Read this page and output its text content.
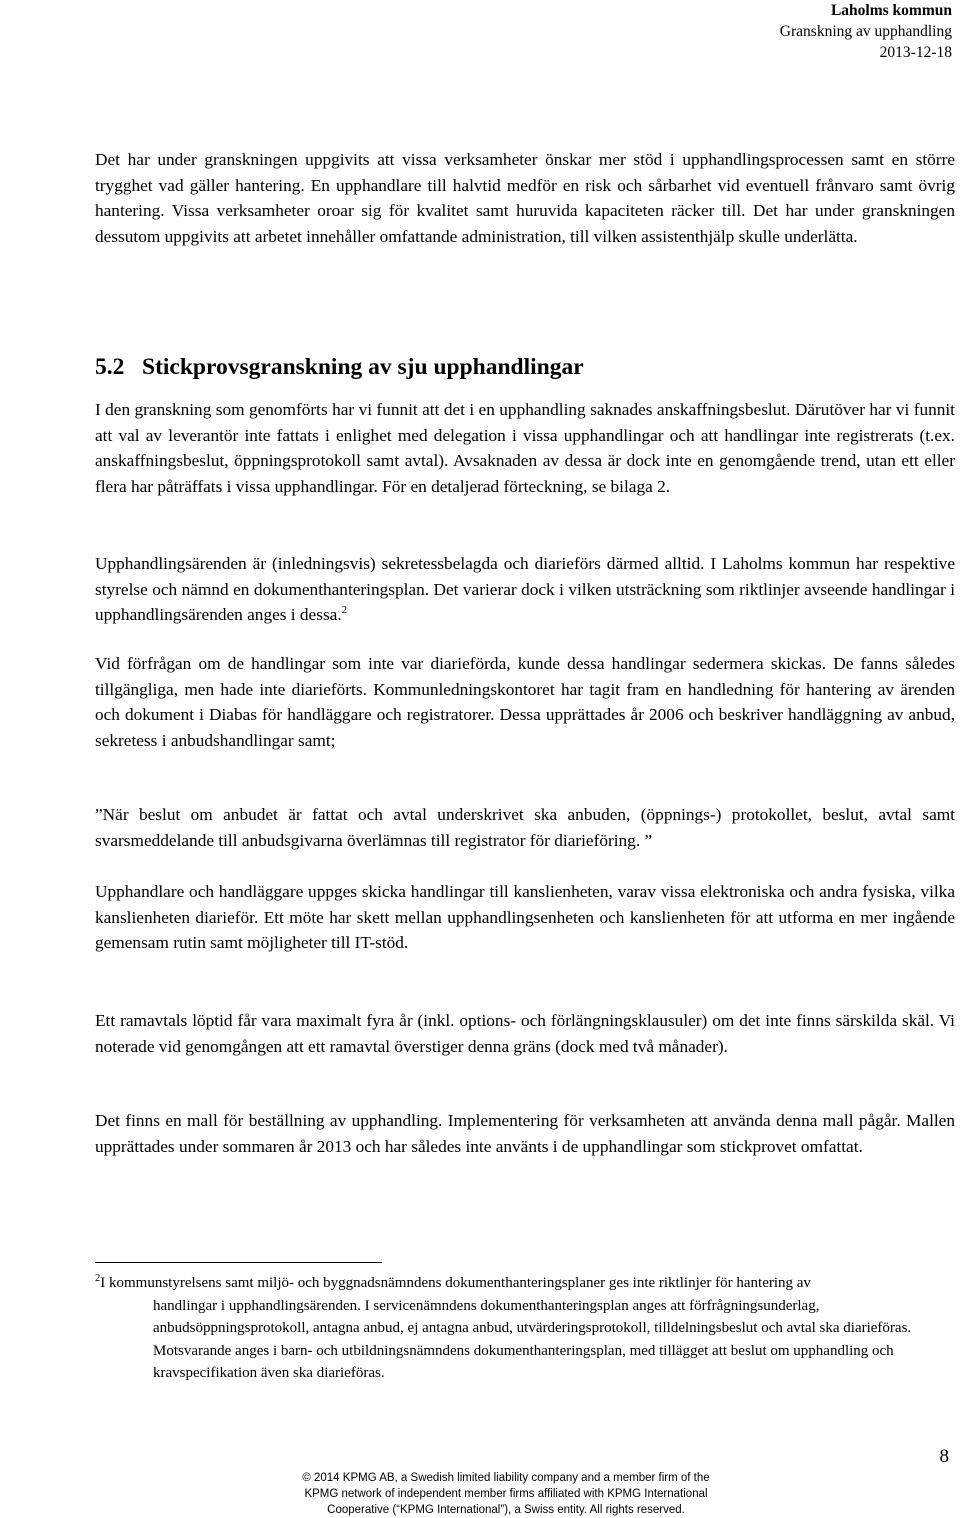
Laholms kommun
Granskning av upphandling
2013-12-18

Det har under granskningen uppgivits att vissa verksamheter önskar mer stöd i upphandlingsprocessen samt en större trygghet vad gäller hantering. En upphandlare till halvtid medför en risk och sårbarhet vid eventuell frånvaro samt övrig hantering. Vissa verksamheter oroar sig för kvalitet samt huruvida kapaciteten räcker till. Det har under granskningen dessutom uppgivits att arbetet innehåller omfattande administration, till vilken assistenthjälp skulle underlätta.

5.2 Stickprovsgranskning av sju upphandlingar

I den granskning som genomförts har vi funnit att det i en upphandling saknades anskaffningsbeslut. Därutöver har vi funnit att val av leverantör inte fattats i enlighet med delegation i vissa upphandlingar och att handlingar inte registrerats (t.ex. anskaffningsbeslut, öppningsprotokoll samt avtal). Avsaknaden av dessa är dock inte en genomgående trend, utan ett eller flera har påträffats i vissa upphandlingar. För en detaljerad förteckning, se bilaga 2.

Upphandlingsärenden är (inledningsvis) sekretessbelagda och diarieförs därmed alltid. I Laholms kommun har respektive styrelse och nämnd en dokumenthanteringsplan. Det varierar dock i vilken utsträckning som riktlinjer avseende handlingar i upphandlingsärenden anges i dessa.$^2$

Vid förfrågan om de handlingar som inte var diarieförda, kunde dessa handlingar sedermera skickas. De fanns således tillgängliga, men hade inte diarieförts. Kommunledningskontoret har tagit fram en handledning för hantering av ärenden och dokument i Diabas för handläggare och registratorer. Dessa upprättades år 2006 och beskriver handläggning av anbud, sekretess i anbudshandlingar samt;

”När beslut om anbudet är fattat och avtal underskrivet ska anbuden, (öppnings-) protokollet, beslut, avtal samt svarsmeddelande till anbudsgivarna överlämnas till registrator för diarieföring. ”

Upphandlare och handläggare uppges skicka handlingar till kanslienheten, varav vissa elektroniska och andra fysiska, vilka kanslienheten diarieför. Ett möte har skett mellan upphandlingsenheten och kanslienheten för att utforma en mer ingående gemensam rutin samt möjligheter till IT-stöd.

Ett ramavtals löptid får vara maximalt fyra år (inkl. options- och förlängningsklausuler) om det inte finns särskilda skäl. Vi noterade vid genomgången att ett ramavtal överstiger denna gräns (dock med två månader).

Det finns en mall för beställning av upphandling. Implementering för verksamheten att använda denna mall pågår. Mallen upprättades under sommaren år 2013 och har således inte använts i de upphandlingar som stickprovet omfattat.

$^2$I kommunstyrelsens samt miljö- och byggnadsnämndens dokumenthanteringsplaner ges inte riktlinjer för hantering av

handlingar i upphandlingsärenden. I servicenämndens dokumenthanteringsplan anges att förfrågningsunderlag, anbudsöppningsprotokoll, antagna anbud, ej antagna anbud, utvärderingsprotokoll, tilldelningsbeslut och avtal ska diarieföras. Motsvarande anges i barn- och utbildningsnämndens dokumenthanteringsplan, med tillägget att beslut om upphandling och kravspecifikation även ska diarieföras.

8
© 2014 KPMG AB, a Swedish limited liability company and a member firm of the
KPMG network of independent member firms affiliated with KPMG International
Cooperative (“KPMG International”), a Swiss entity. All rights reserved.
